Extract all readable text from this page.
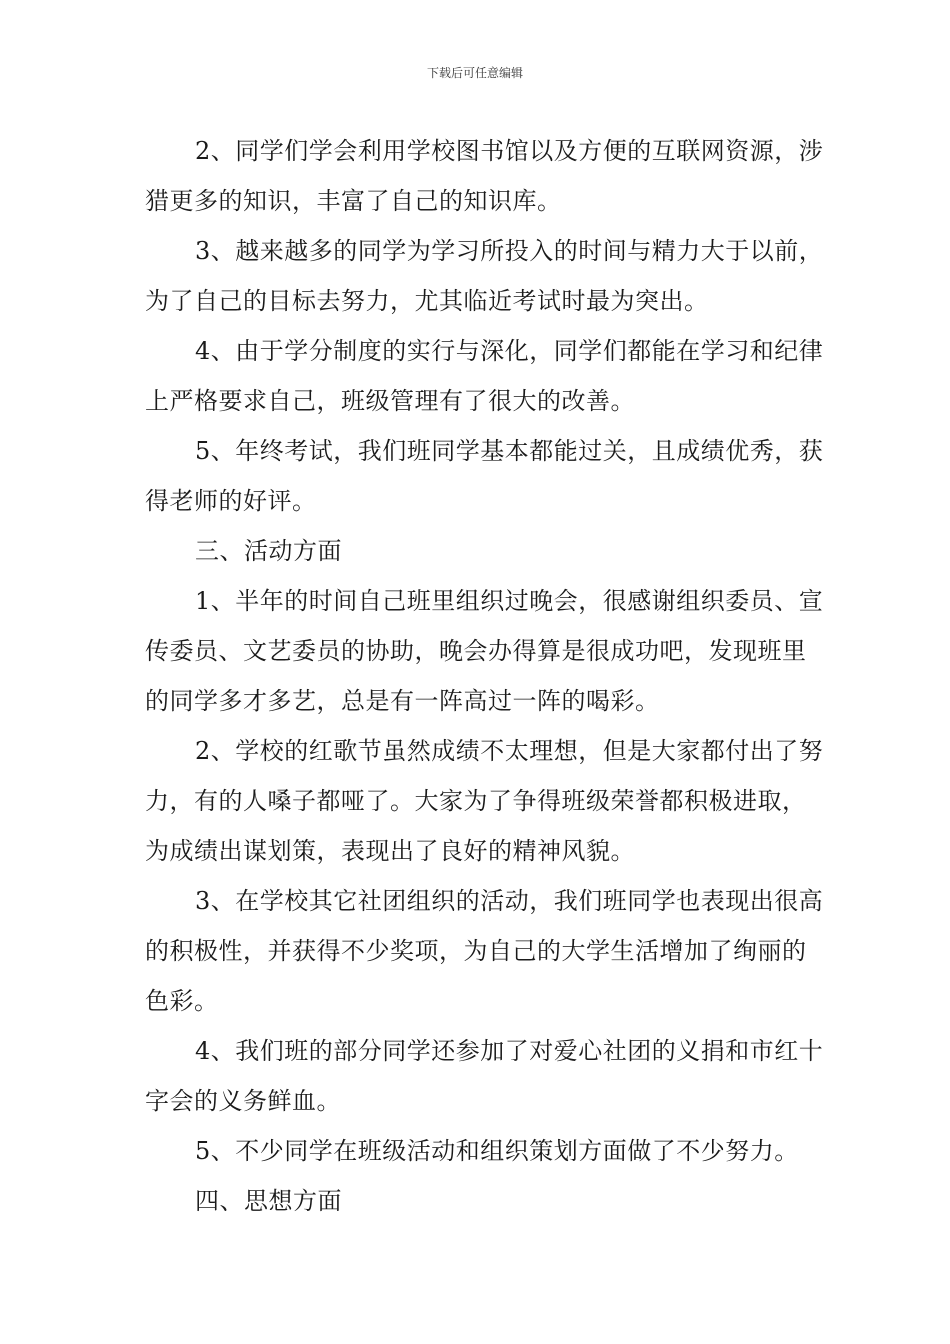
下载后可任意编辑

2、同学们学会利用学校图书馆以及方便的互联网资源，涉猎更多的知识，丰富了自己的知识库。

3、越来越多的同学为学习所投入的时间与精力大于以前，为了自己的目标去努力，尤其临近考试时最为突出。

4、由于学分制度的实行与深化，同学们都能在学习和纪律上严格要求自己，班级管理有了很大的改善。

5、年终考试，我们班同学基本都能过关，且成绩优秀，获得老师的好评。

三、活动方面

1、半年的时间自己班里组织过晚会，很感谢组织委员、宣传委员、文艺委员的协助，晚会办得算是很成功吧，发现班里的同学多才多艺，总是有一阵高过一阵的喝彩。

2、学校的红歌节虽然成绩不太理想，但是大家都付出了努力，有的人嗓子都哑了。大家为了争得班级荣誉都积极进取，为成绩出谋划策，表现出了良好的精神风貌。

3、在学校其它社团组织的活动，我们班同学也表现出很高的积极性，并获得不少奖项，为自己的大学生活增加了绚丽的色彩。

4、我们班的部分同学还参加了对爱心社团的义捐和市红十字会的义务鲜血。

5、不少同学在班级活动和组织策划方面做了不少努力。

四、思想方面
